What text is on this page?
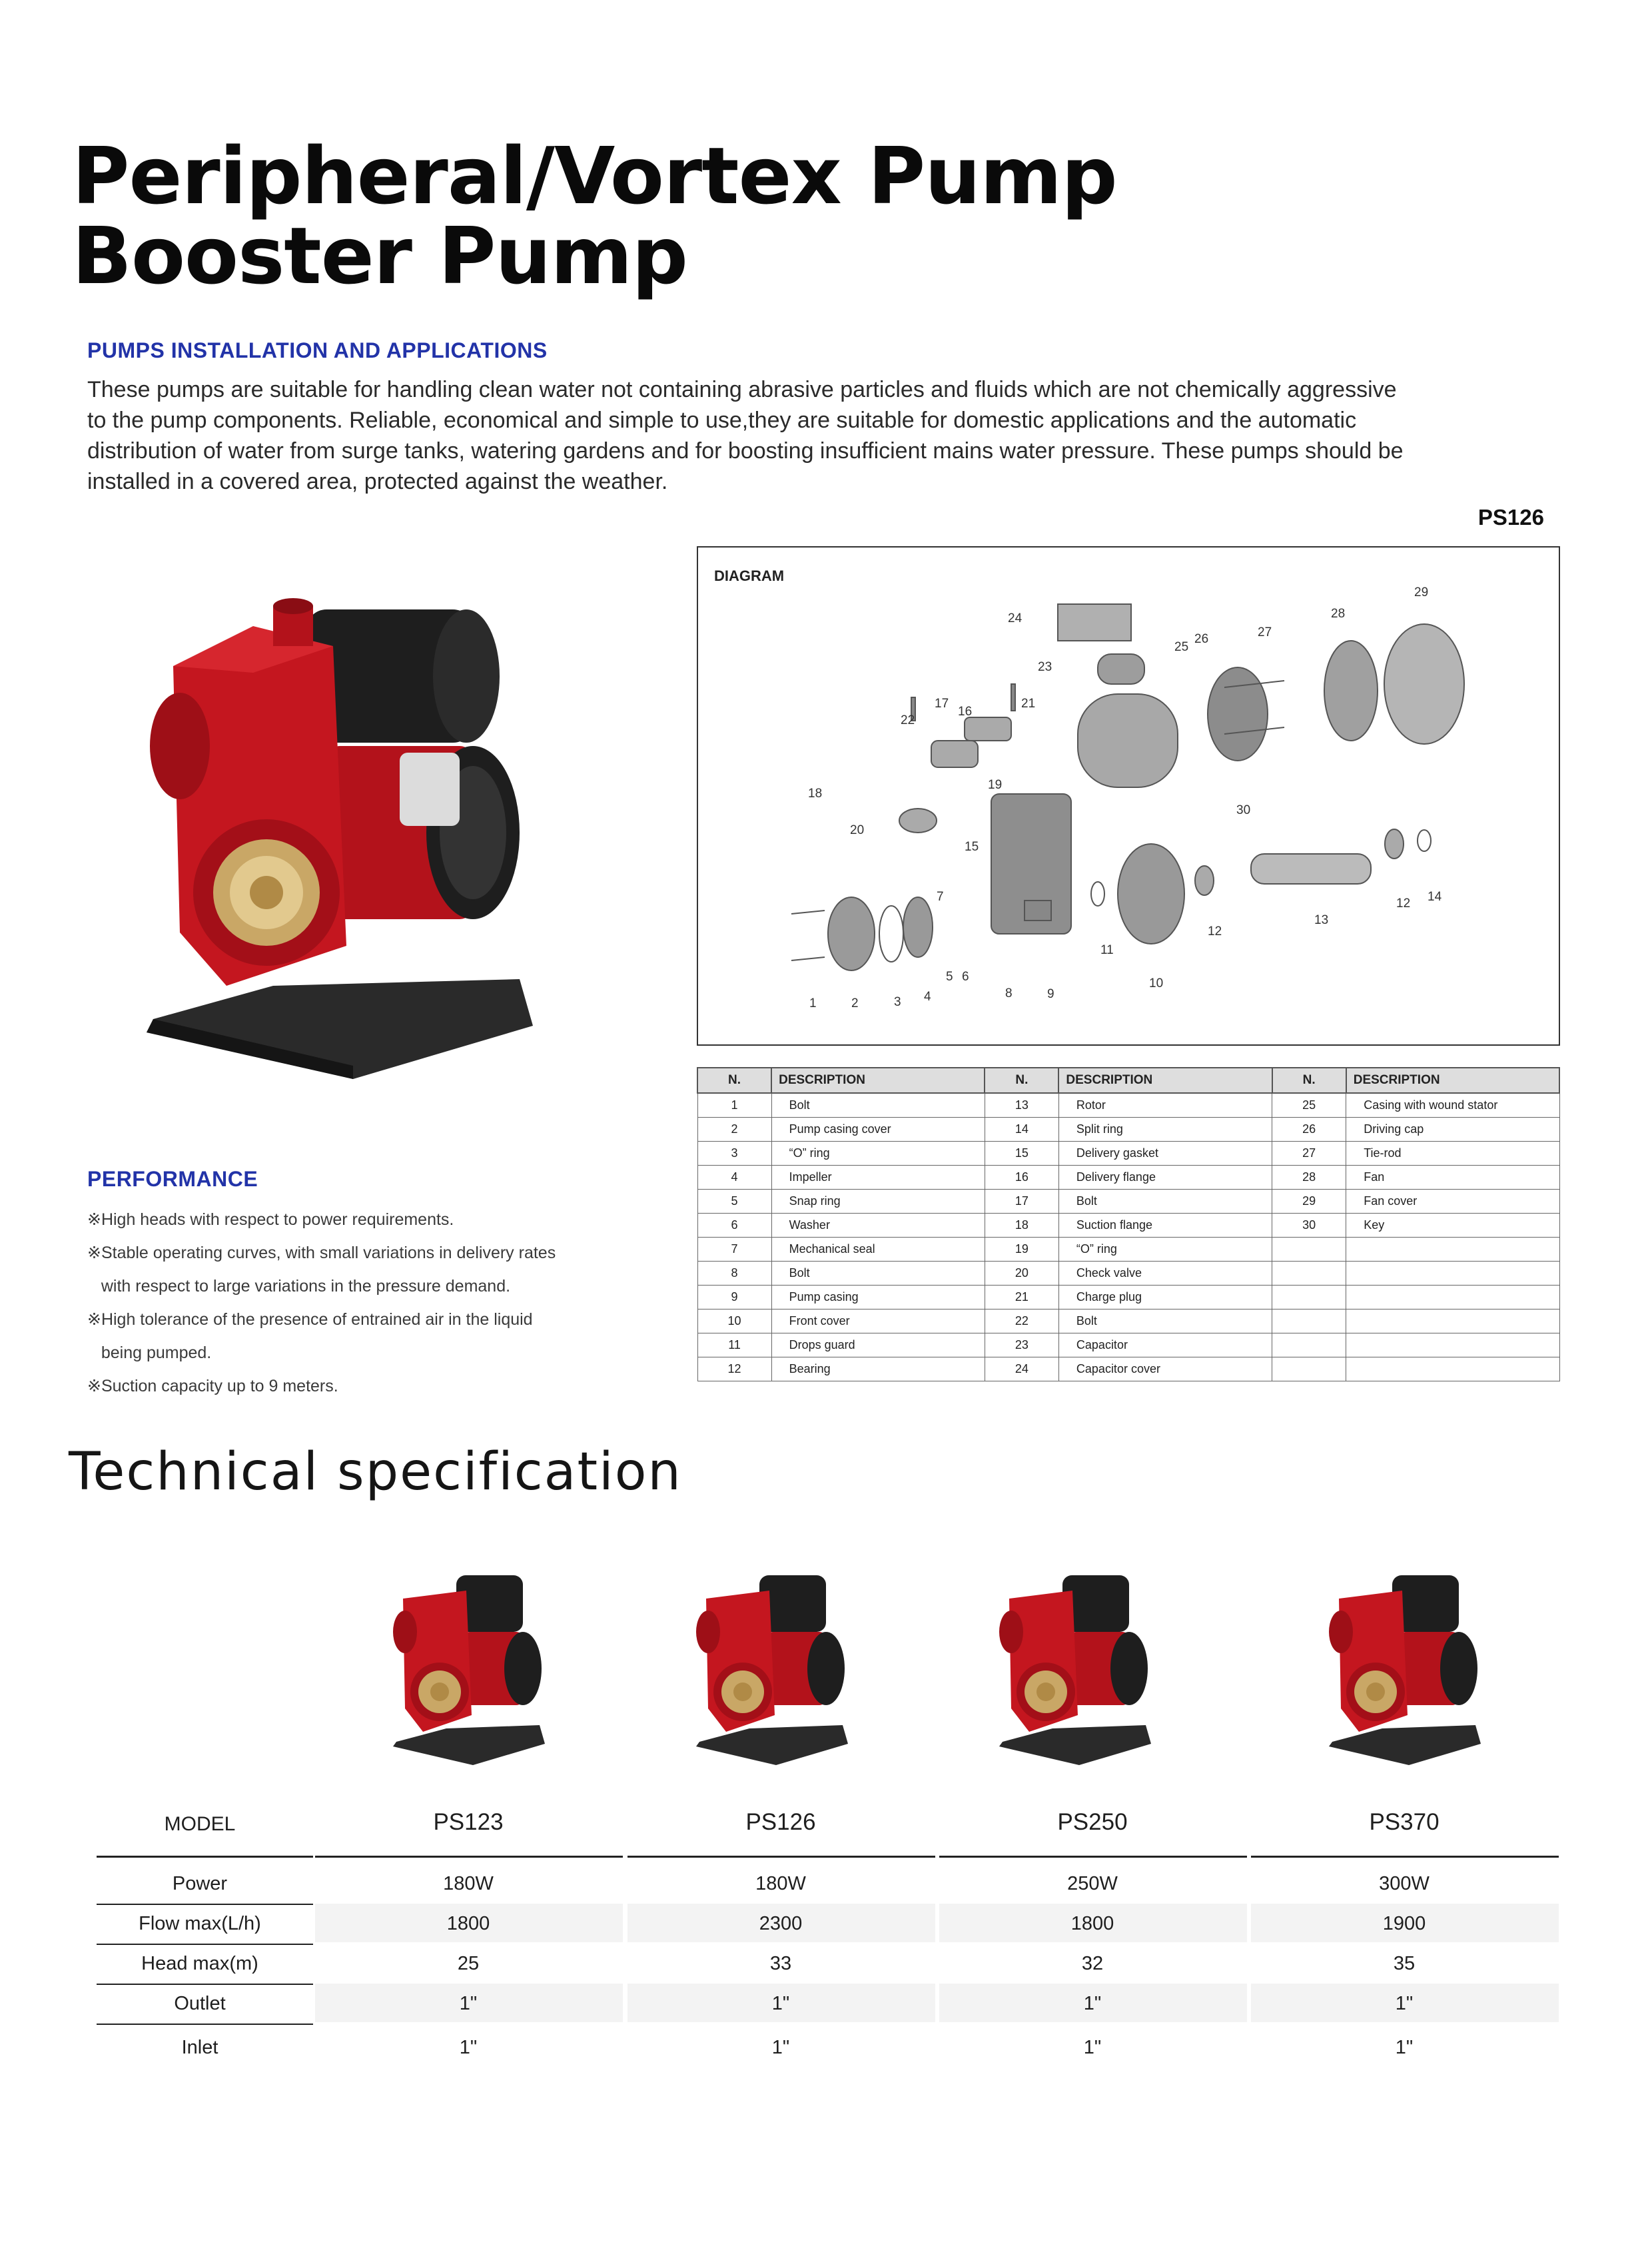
Peripheral/Vortex Pump
Booster Pump
PUMPS INSTALLATION AND APPLICATIONS
These pumps are suitable for handling clean water not containing abrasive particles and fluids which are not chemically aggressive
to the pump components. Reliable, economical and simple to use,they are suitable for domestic applications and the automatic
distribution of water from surge tanks, watering gardens and for boosting insufficient mains water pressure. These pumps should be
installed in a covered area, protected against the weather.
PS126
DIAGRAM
1	2	3 4
5 6
7
8	9
10
11
12
12
13
14
15
16
17
18
19
20
21
22
23
24
25
26	27
28
29
30
N.	DESCRIPTION	N.	DESCRIPTION	N.	DESCRIPTION
1	Bolt	13	Rotor	25	Casing with wound stator
2	Pump casing cover	14	Split ring	26	Driving cap
3	“O” ring	15	Delivery gasket	27	Tie-rod
4	Impeller	16	Delivery flange	28	Fan
5	Snap ring	17	Bolt	29	Fan cover
6	Washer	18	Suction flange	30	Key
7	Mechanical seal	19	“O” ring		
8	Bolt	20	Check valve		
9	Pump casing	21	Charge plug		
10	Front cover	22	Bolt		
11	Drops guard	23	Capacitor		
12	Bearing	24	Capacitor cover		
PERFORMANCE
※High heads with respect to power requirements.
※Stable operating curves, with small variations in delivery rates
with respect to large variations in the pressure demand.
※High tolerance of the presence of entrained air in the liquid
being pumped.
※Suction capacity up to 9 meters.
Technical specification
MODEL	PS123	PS126	PS250	PS370
Power	180W	180W	250W	300W
Flow max(L/h)	1800	2300	1800	1900
Head max(m)	25	33	32	35
Outlet	1"	1"	1"	1"
Inlet	1"	1"	1"	1"
